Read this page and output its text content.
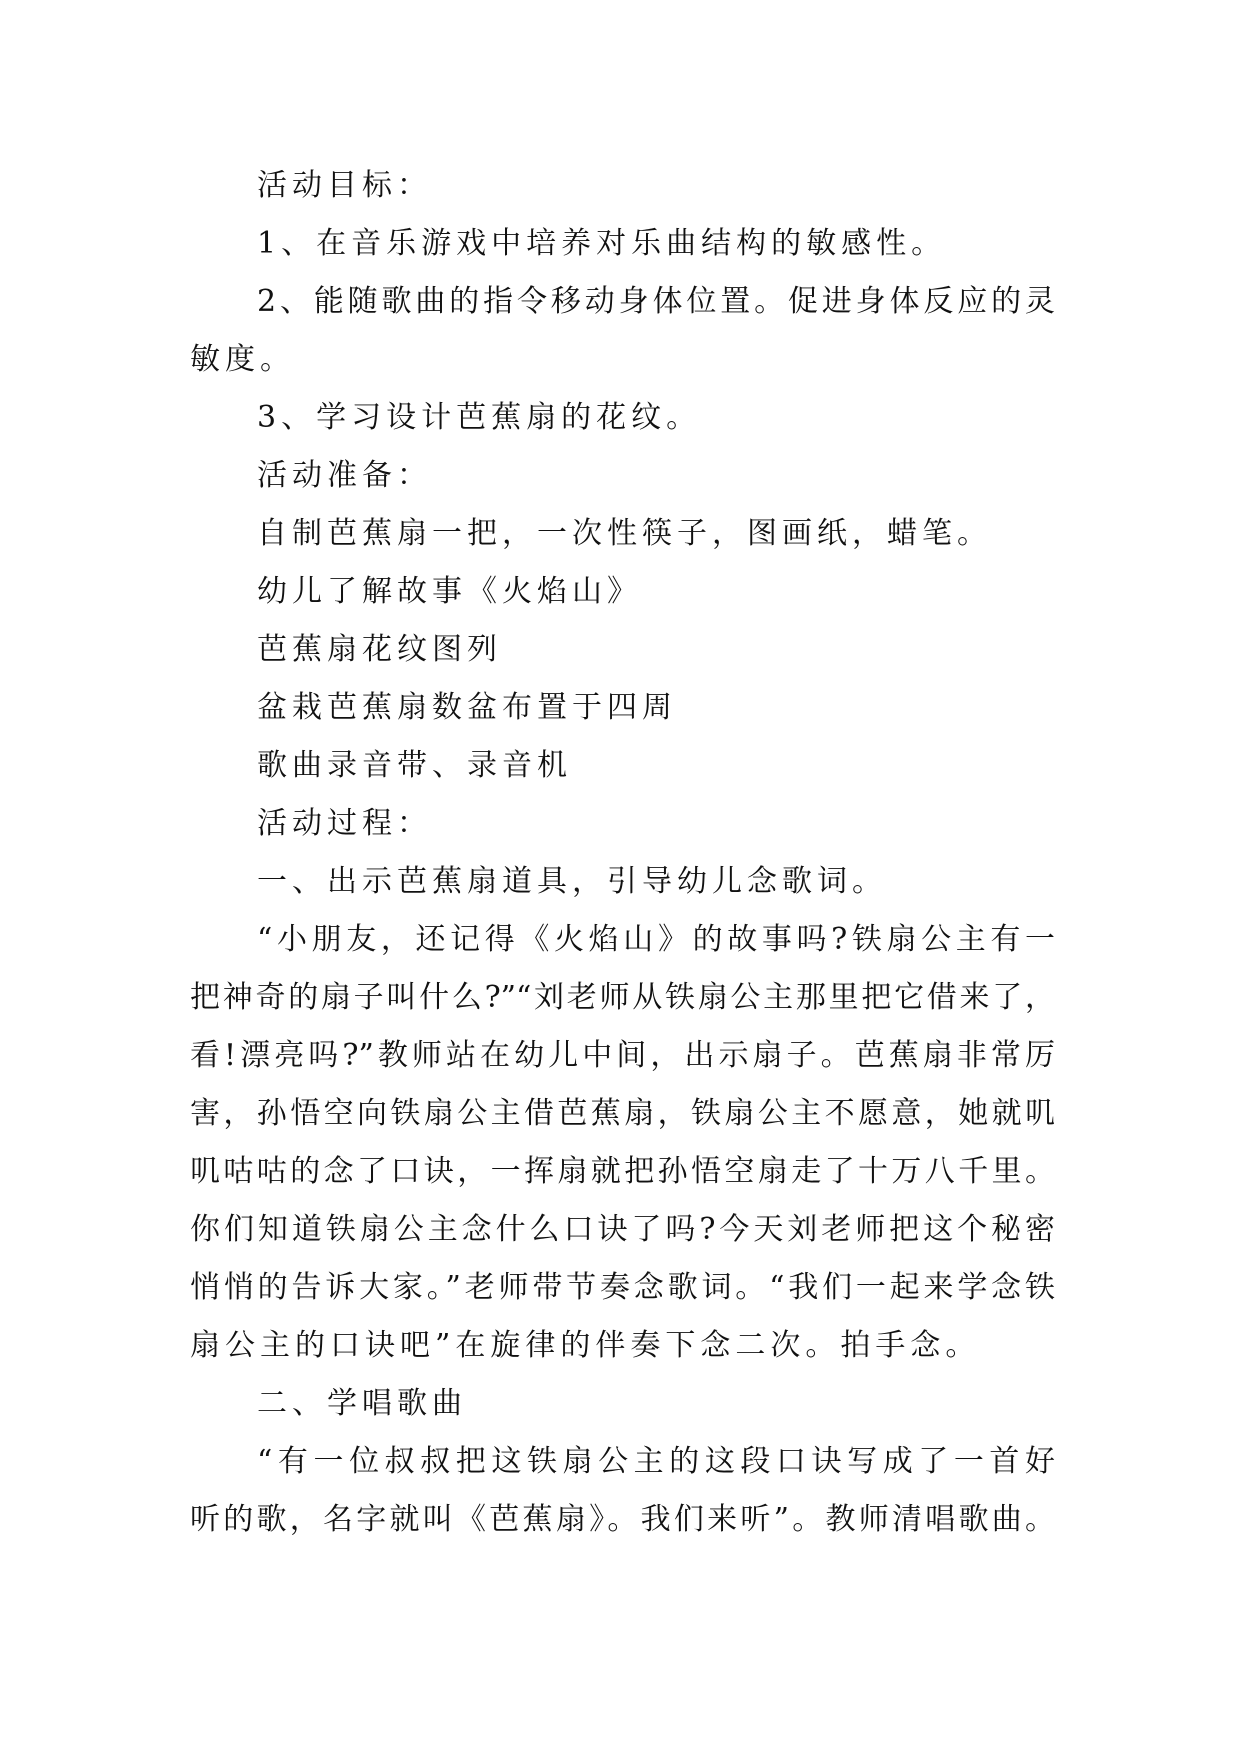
活动目标：
1、在音乐游戏中培养对乐曲结构的敏感性。
2、能随歌曲的指令移动身体位置。促进身体反应的灵
敏度。
3、学习设计芭蕉扇的花纹。
活动准备：
自制芭蕉扇一把，一次性筷子，图画纸，蜡笔。
幼儿了解故事《火焰山》
芭蕉扇花纹图列
盆栽芭蕉扇数盆布置于四周
歌曲录音带、录音机
活动过程：
一、出示芭蕉扇道具，引导幼儿念歌词。
“小朋友，还记得《火焰山》的故事吗?铁扇公主有一
把神奇的扇子叫什么?”“刘老师从铁扇公主那里把它借来了，
看!漂亮吗?”教师站在幼儿中间，出示扇子。芭蕉扇非常厉
害，孙悟空向铁扇公主借芭蕉扇，铁扇公主不愿意，她就叽
叽咕咕的念了口诀，一挥扇就把孙悟空扇走了十万八千里。
你们知道铁扇公主念什么口诀了吗?今天刘老师把这个秘密
悄悄的告诉大家。”老师带节奏念歌词。“我们一起来学念铁
扇公主的口诀吧”在旋律的伴奏下念二次。拍手念。
二、学唱歌曲
“有一位叔叔把这铁扇公主的这段口诀写成了一首好
听的歌，名字就叫《芭蕉扇》。我们来听”。教师清唱歌曲。
